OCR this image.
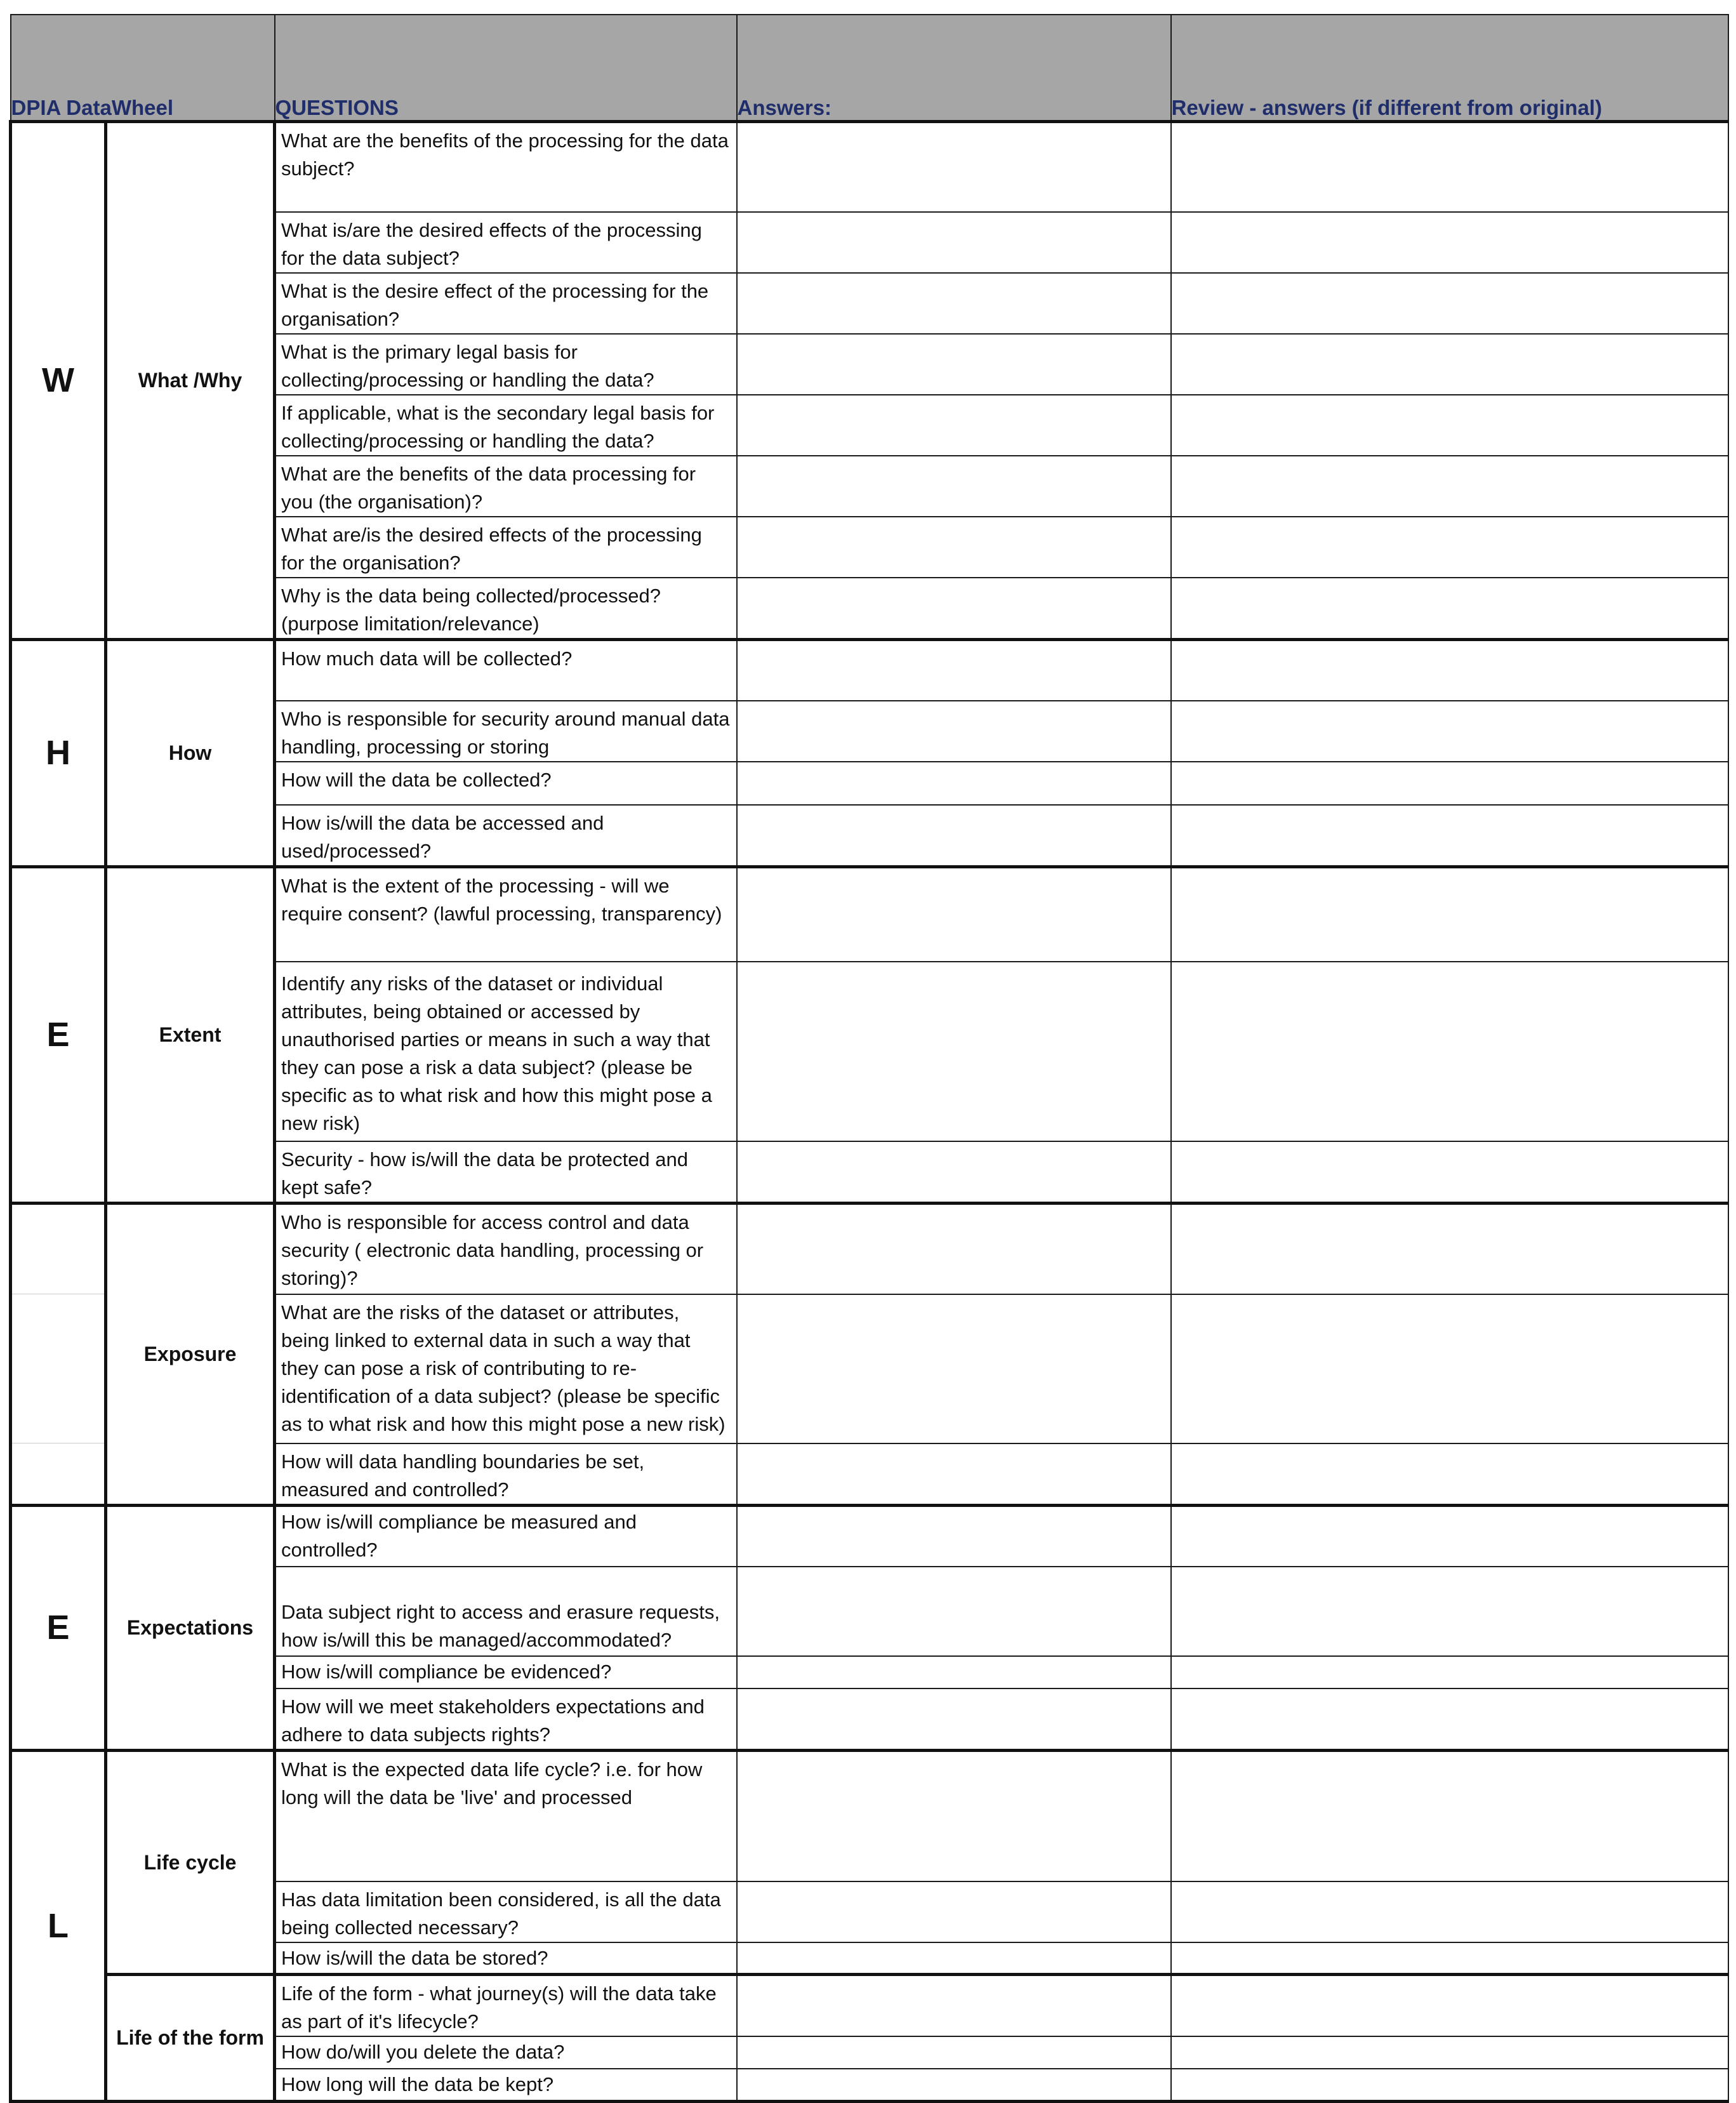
DPIA DataWheel		QUESTIONS	Answers:	Review - answers (if different from original)
W	What /Why	What are the benefits of the processing for the data subject?		
		What is/are the desired effects of the processing for the data subject?		
		What is the desire effect of the processing for the organisation?		
		What is the primary legal basis for collecting/processing or handling the data?		
		If applicable, what is the secondary legal basis for collecting/processing or handling the data?		
		What are the benefits of the data processing for you (the organisation)?		
		What are/is the desired effects of the processing for the organisation?		
		Why is the data being collected/processed? (purpose limitation/relevance)		
H	How	How much data will be collected?		
		Who is responsible for security around manual data handling, processing or storing		
		How will the data be collected?		
		How is/will the data be accessed and used/processed?		
E	Extent	What is the extent of the processing - will we require consent? (lawful processing, transparency)		
		Identify any risks of the dataset or individual attributes, being obtained or accessed by unauthorised parties or means in such a way that they can pose a risk a data subject? (please be specific as to what risk and how this might pose a new risk)		
		Security - how is/will the data be protected and kept safe?		
	Exposure	Who is responsible for access control and data security ( electronic data handling, processing or storing)?		
		What are the risks of the dataset or attributes, being linked to external data in such a way that they can pose a risk of contributing to re-identification of a data subject? (please be specific as to what risk and how this might pose a new risk)		
		How will data handling boundaries be set, measured and controlled?		
E	Expectations	How is/will compliance be measured and controlled?		
		Data subject right to access and erasure requests, how is/will this be managed/accommodated?		
		How is/will compliance be evidenced?		
		How will we meet stakeholders expectations and adhere to data subjects rights?		
L	Life cycle	What is the expected data life cycle? i.e. for how long will the data be 'live' and processed		
		Has data limitation been considered, is all the data being collected necessary?		
		How is/will the data be stored?		
	Life of the form	Life of the form - what journey(s) will the data take as part of it's lifecycle?		
		How do/will you delete the data?		
		How long will the data be kept?		
